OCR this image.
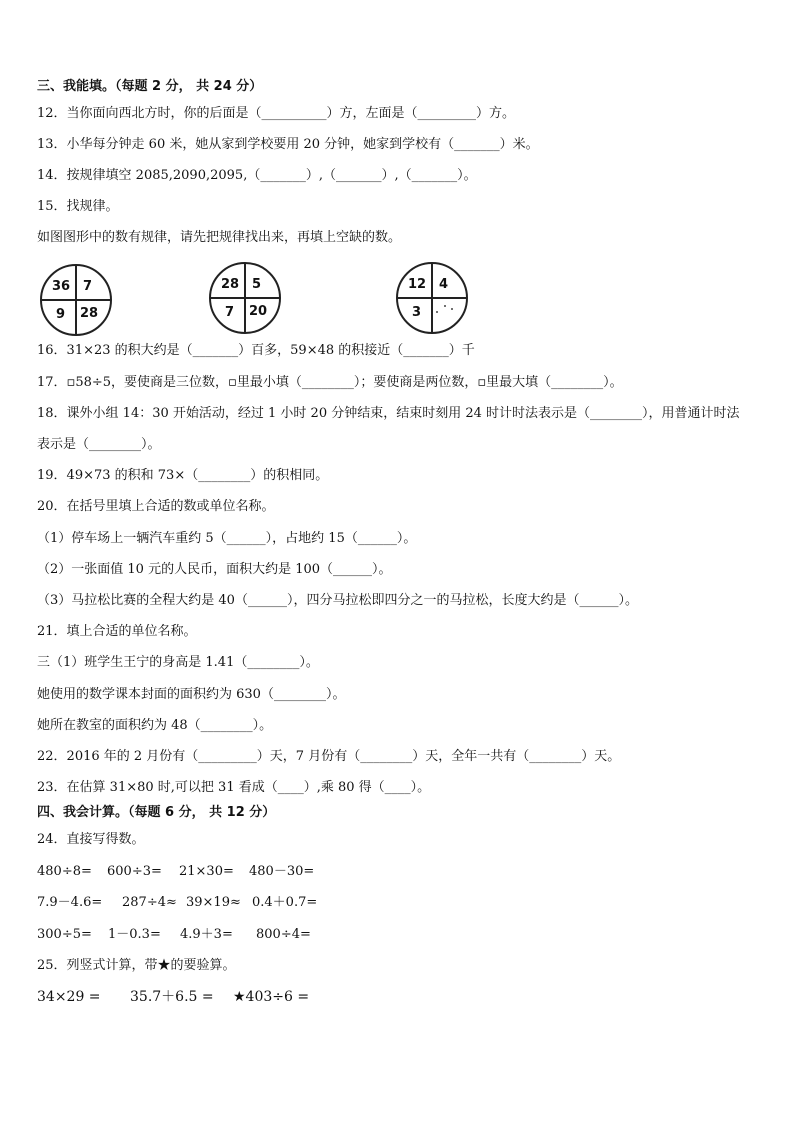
三、我能填。（每题 2 分， 共 24 分）
12．当你面向西北方时，你的后面是（__________）方，左面是（_________）方。
13．小华每分钟走 60 米，她从家到学校要用 20 分钟，她家到学校有（_______）米。
14．按规律填空 2085,2090,2095,（_______）,（_______）,（_______）。
15．找规律。
如图图形中的数有规律，请先把规律找出来，再填上空缺的数。
36 7
9 28
28 5
7 20
12 4
3
16．31×23 的积大约是（_______）百多，59×48 的积接近（_______）千
17．▫58÷5，要使商是三位数，▫里最小填（________）；要使商是两位数，▫里最大填（________）。
18．课外小组 14：30 开始活动，经过 1 小时 20 分钟结束，结束时刻用 24 时计时法表示是（________），用普通计时法
表示是（________）。
19．49×73 的积和 73×（________）的积相同。
20．在括号里填上合适的数或单位名称。
（1）停车场上一辆汽车重约 5（______），占地约 15（______）。
（2）一张面值 10 元的人民币，面积大约是 100（______）。
（3）马拉松比赛的全程大约是 40（______），四分马拉松即四分之一的马拉松，长度大约是（______）。
21．填上合适的单位名称。
三（1）班学生王宁的身高是 1.41（________）。
她使用的数学课本封面的面积约为 630（________）。
她所在教室的面积约为 48（________）。
22．2016 年的 2 月份有（_________）天，7 月份有（________）天，全年一共有（________）天。
23．在估算 31×80 时,可以把 31 看成（____）,乘 80 得（____）。
四、我会计算。（每题 6 分， 共 12 分）
24．直接写得数。
480÷8= 600÷3= 21×30= 480－30=
7.9－4.6= 287÷4≈ 39×19≈ 0.4＋0.7=
300÷5= 1－0.3= 4.9＋3= 800÷4=
25．列竖式计算，带★的要验算。
34×29 = 35.7＋6.5 = ★403÷6 =
